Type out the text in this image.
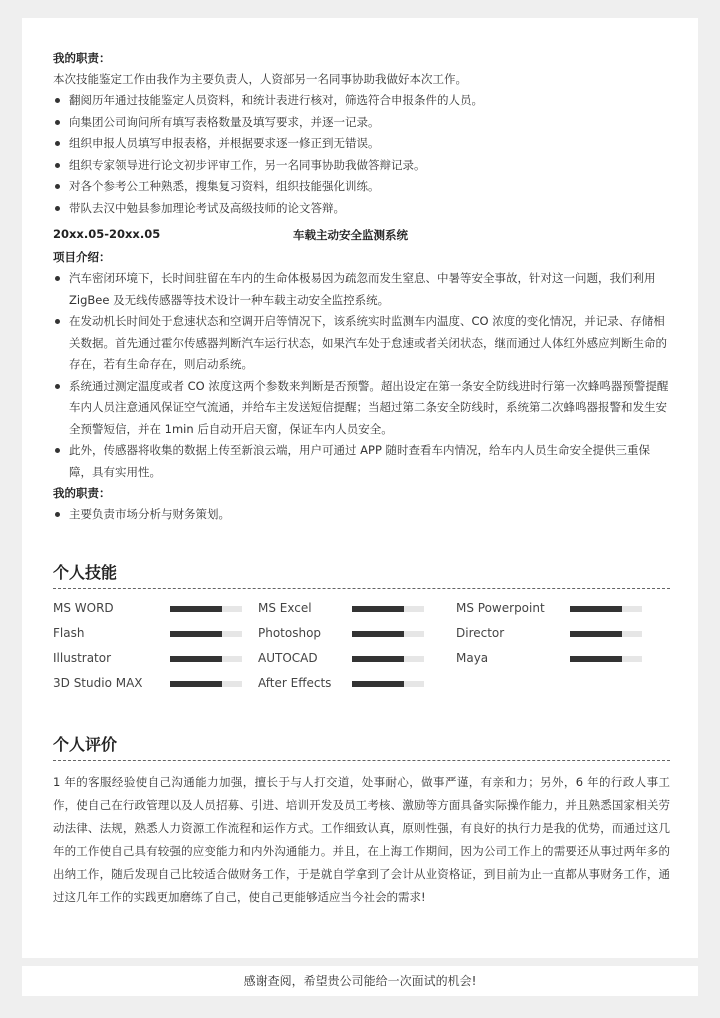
我的职责：
本次技能鉴定工作由我作为主要负责人，人资部另一名同事协助我做好本次工作。
翻阅历年通过技能鉴定人员资料，和统计表进行核对，筛选符合申报条件的人员。
向集团公司询问所有填写表格数量及填写要求，并逐一记录。
组织申报人员填写申报表格，并根据要求逐一修正到无错误。
组织专家领导进行论文初步评审工作，另一名同事协助我做答辩记录。
对各个参考公工种熟悉，搜集复习资料，组织技能强化训练。
带队去汉中勉县参加理论考试及高级技师的论文答辩。
20xx.05-20xx.05	车载主动安全监测系统
项目介绍：
汽车密闭环境下，长时间驻留在车内的生命体极易因为疏忽而发生窒息、中暑等安全事故，针对这一问题，我们利用 ZigBee 及无线传感器等技术设计一种车载主动安全监控系统。
在发动机长时间处于怠速状态和空调开启等情况下，该系统实时监测车内温度、CO 浓度的变化情况，并记录、存储相关数据。首先通过霍尔传感器判断汽车运行状态，如果汽车处于怠速或者关闭状态，继而通过人体红外感应判断生命的存在，若有生命存在，则启动系统。
系统通过测定温度或者 CO 浓度这两个参数来判断是否预警。超出设定在第一条安全防线进时行第一次蜂鸣器预警提醒车内人员注意通风保证空气流通，并给车主发送短信提醒；当超过第二条安全防线时，系统第二次蜂鸣器报警和发生安全预警短信，并在 1min 后自动开启天窗，保证车内人员安全。
此外，传感器将收集的数据上传至新浪云端，用户可通过 APP 随时查看车内情况，给车内人员生命安全提供三重保障，具有实用性。
我的职责：
主要负责市场分析与财务策划。
个人技能
MS WORD	MS Excel	MS Powerpoint
Flash	Photoshop	Director
Illustrator	AUTOCAD	Maya
3D Studio MAX	After Effects
个人评价
1 年的客服经验使自己沟通能力加强，擅长于与人打交道，处事耐心，做事严谨，有亲和力；另外，6 年的行政人事工作，使自己在行政管理以及人员招募、引进、培训开发及员工考核、激励等方面具备实际操作能力，并且熟悉国家相关劳动法律、法规，熟悉人力资源工作流程和运作方式。工作细致认真，原则性强，有良好的执行力是我的优势，而通过这几年的工作使自己具有较强的应变能力和内外沟通能力。并且，在上海工作期间，因为公司工作上的需要还从事过两年多的出纳工作，随后发现自己比较适合做财务工作，于是就自学拿到了会计从业资格证，到目前为止一直都从事财务工作，通过这几年工作的实践更加磨练了自己，使自己更能够适应当今社会的需求!
感谢查阅，希望贵公司能给一次面试的机会!
